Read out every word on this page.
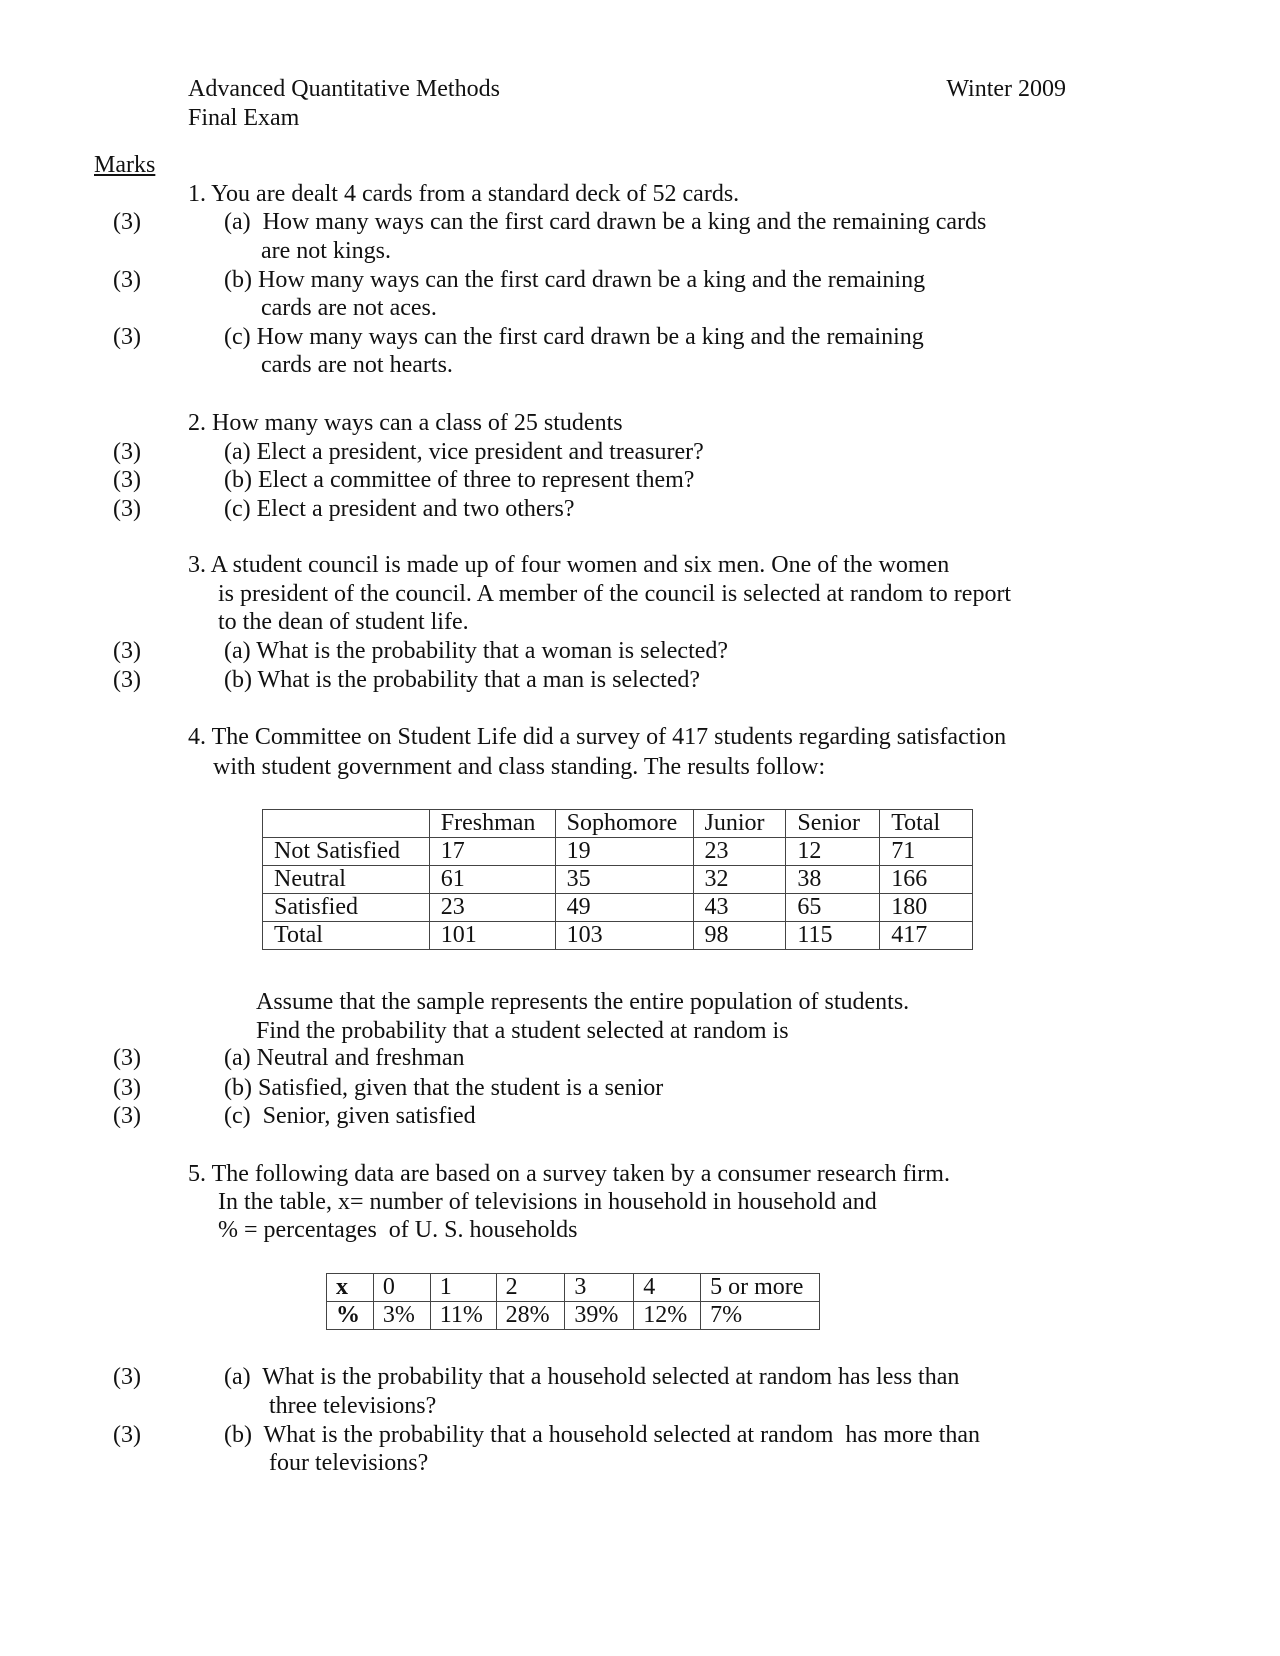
Advanced Quantitative Methods	Winter 2009
Final Exam
Marks
1. You are dealt 4 cards from a standard deck of 52 cards.
(3)	(a)  How many ways can the first card drawn be a king and the remaining cards
are not kings.
(3)	(b) How many ways can the first card drawn be a king and the remaining
cards are not aces.
(3)	(c) How many ways can the first card drawn be a king and the remaining
cards are not hearts.
2. How many ways can a class of 25 students
(3)	(a) Elect a president, vice president and treasurer?
(3)	(b) Elect a committee of three to represent them?
(3)	(c) Elect a president and two others?
3. A student council is made up of four women and six men. One of the women
is president of the council. A member of the council is selected at random to report
to the dean of student life.
(3)	(a) What is the probability that a woman is selected?
(3)	(b) What is the probability that a man is selected?
4. The Committee on Student Life did a survey of 417 students regarding satisfaction
with student government and class standing. The results follow:
	Freshman	Sophomore	Junior	Senior	Total
Not Satisfied	17	19	23	12	71
Neutral	61	35	32	38	166
Satisfied	23	49	43	65	180
Total	101	103	98	115	417
Assume that the sample represents the entire population of students.
Find the probability that a student selected at random is
(3)	(a) Neutral and freshman
(3)	(b) Satisfied, given that the student is a senior
(3)	(c)  Senior, given satisfied
5. The following data are based on a survey taken by a consumer research firm.
In the table, x= number of televisions in household in household and
% = percentages  of U. S. households
x	0	1	2	3	4	5 or more
%	3%	11%	28%	39%	12%	7%
(3)	(a)  What is the probability that a household selected at random has less than
three televisions?
(3)	(b)  What is the probability that a household selected at random  has more than
four televisions?
